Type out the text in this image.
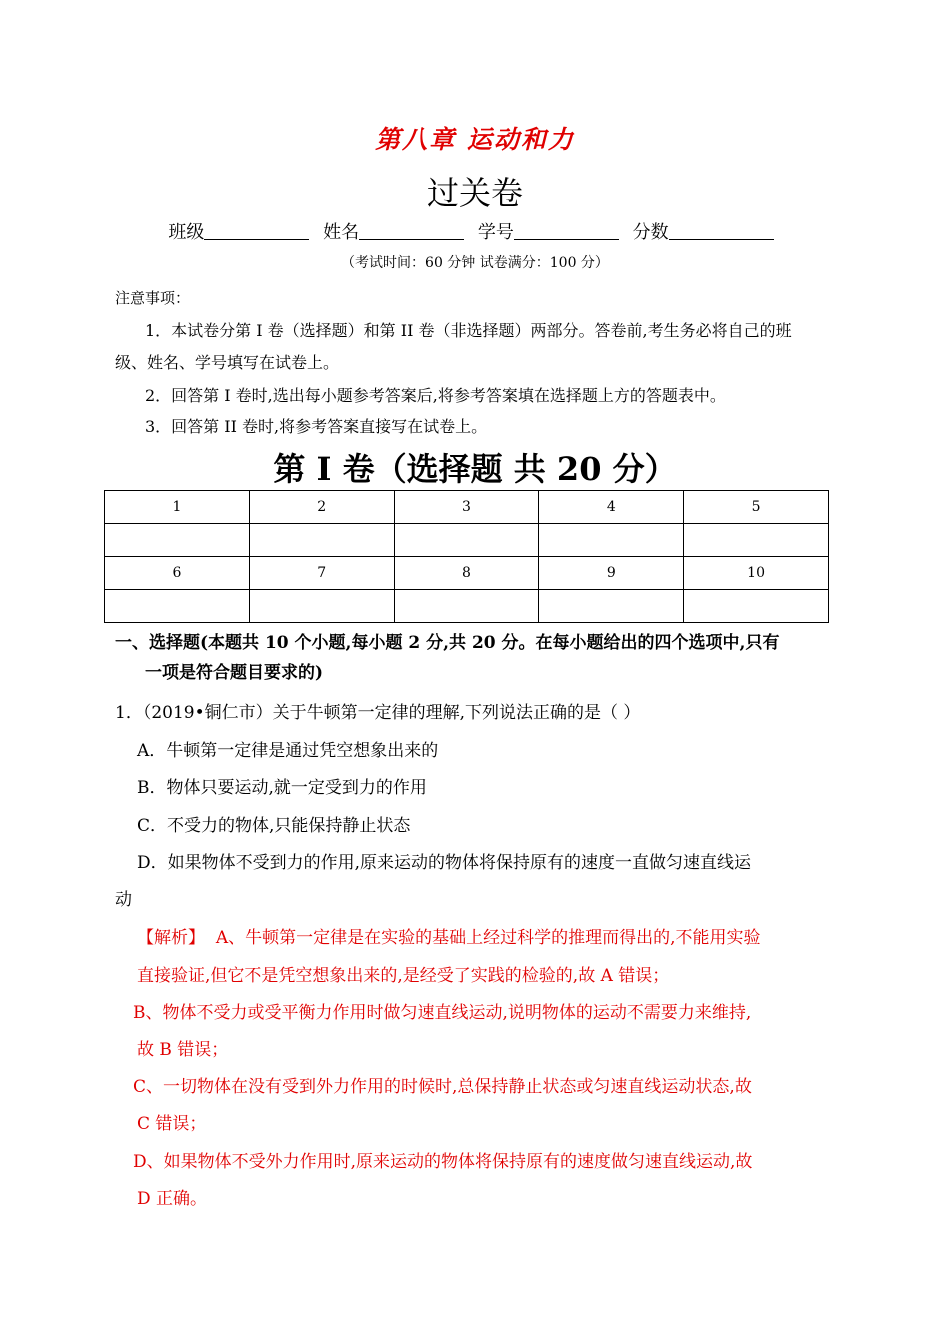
第八章 运动和力
过关卷
班级	姓名	学号	分数
（考试时间：60 分钟 试卷满分：100 分）
注意事项：
1．本试卷分第 I 卷（选择题）和第 II 卷（非选择题）两部分。答卷前,考生务必将自己的班
级、姓名、学号填写在试卷上。
2．回答第 I 卷时,选出每小题参考答案后,将参考答案填在选择题上方的答题表中。
3．回答第 II 卷时,将参考答案直接写在试卷上。
第 I 卷（选择题 共 20 分）
1	2	3	4	5

6	7	8	9	10

一、选择题(本题共 10 个小题,每小题 2 分,共 20 分。在每小题给出的四个选项中,只有
一项是符合题目要求的)
1．（2019•铜仁市）关于牛顿第一定律的理解,下列说法正确的是（ ）
A．牛顿第一定律是通过凭空想象出来的
B．物体只要运动,就一定受到力的作用
C．不受力的物体,只能保持静止状态
D．如果物体不受到力的作用,原来运动的物体将保持原有的速度一直做匀速直线运
动
【解析】 A、牛顿第一定律是在实验的基础上经过科学的推理而得出的,不能用实验
直接验证,但它不是凭空想象出来的,是经受了实践的检验的,故 A 错误；
B、物体不受力或受平衡力作用时做匀速直线运动,说明物体的运动不需要力来维持,
故 B 错误；
C、一切物体在没有受到外力作用的时候时,总保持静止状态或匀速直线运动状态,故
C 错误；
D、如果物体不受外力作用时,原来运动的物体将保持原有的速度做匀速直线运动,故
D 正确。
